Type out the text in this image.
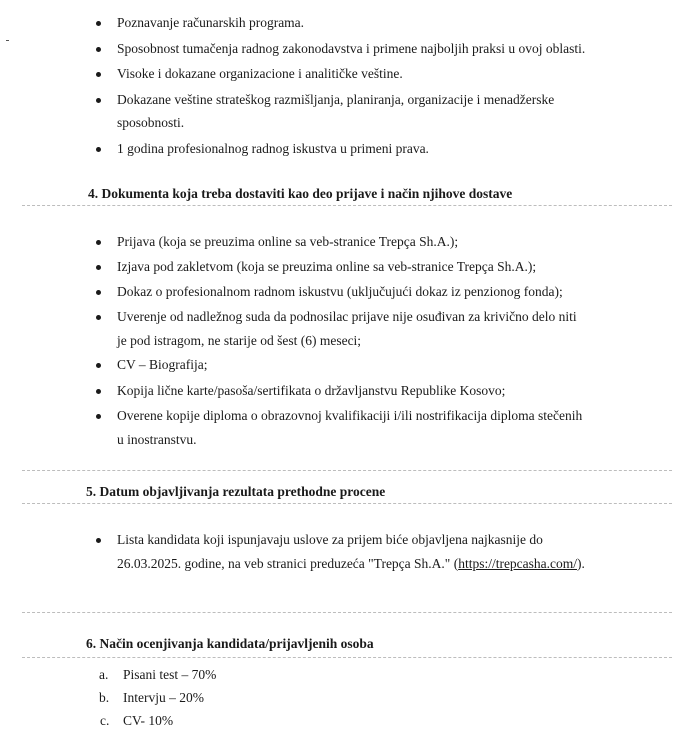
Poznavanje računarskih programa.
Sposobnost tumačenja radnog zakonodavstva i primene najboljih praksi u ovoj oblasti.
Visoke i dokazane organizacione i analitičke veštine.
Dokazane veštine strateškog razmišljanja, planiranja, organizacije i menadžerske
sposobnosti.
1 godina profesionalnog radnog iskustva u primeni prava.
4. Dokumenta koja treba dostaviti kao deo prijave i način njihove dostave
Prijava (koja se preuzima online sa veb-stranice Trepça Sh.A.);
Izjava pod zakletvom (koja se preuzima online sa veb-stranice Trepça Sh.A.);
Dokaz o profesionalnom radnom iskustvu (uključujući dokaz iz penzionog fonda);
Uverenje od nadležnog suda da podnosilac prijave nije osuđivan za krivično delo niti
je pod istragom, ne starije od šest (6) meseci;
CV – Biografija;
Kopija lične karte/pasoša/sertifikata o državljanstvu Republike Kosovo;
Overene kopije diploma o obrazovnoj kvalifikaciji i/ili nostrifikacija diploma stečenih
u inostranstvu.
5. Datum objavljivanja rezultata prethodne procene
Lista kandidata koji ispunjavaju uslove za prijem biće objavljena najkasnije do
26.03.2025. godine, na veb stranici preduzeća "Trepça Sh.A." (https://trepcasha.com/).
6. Način ocenjivanja kandidata/prijavljenih osoba
a. Pisani test – 70%
b. Intervju – 20%
c. CV- 10%
